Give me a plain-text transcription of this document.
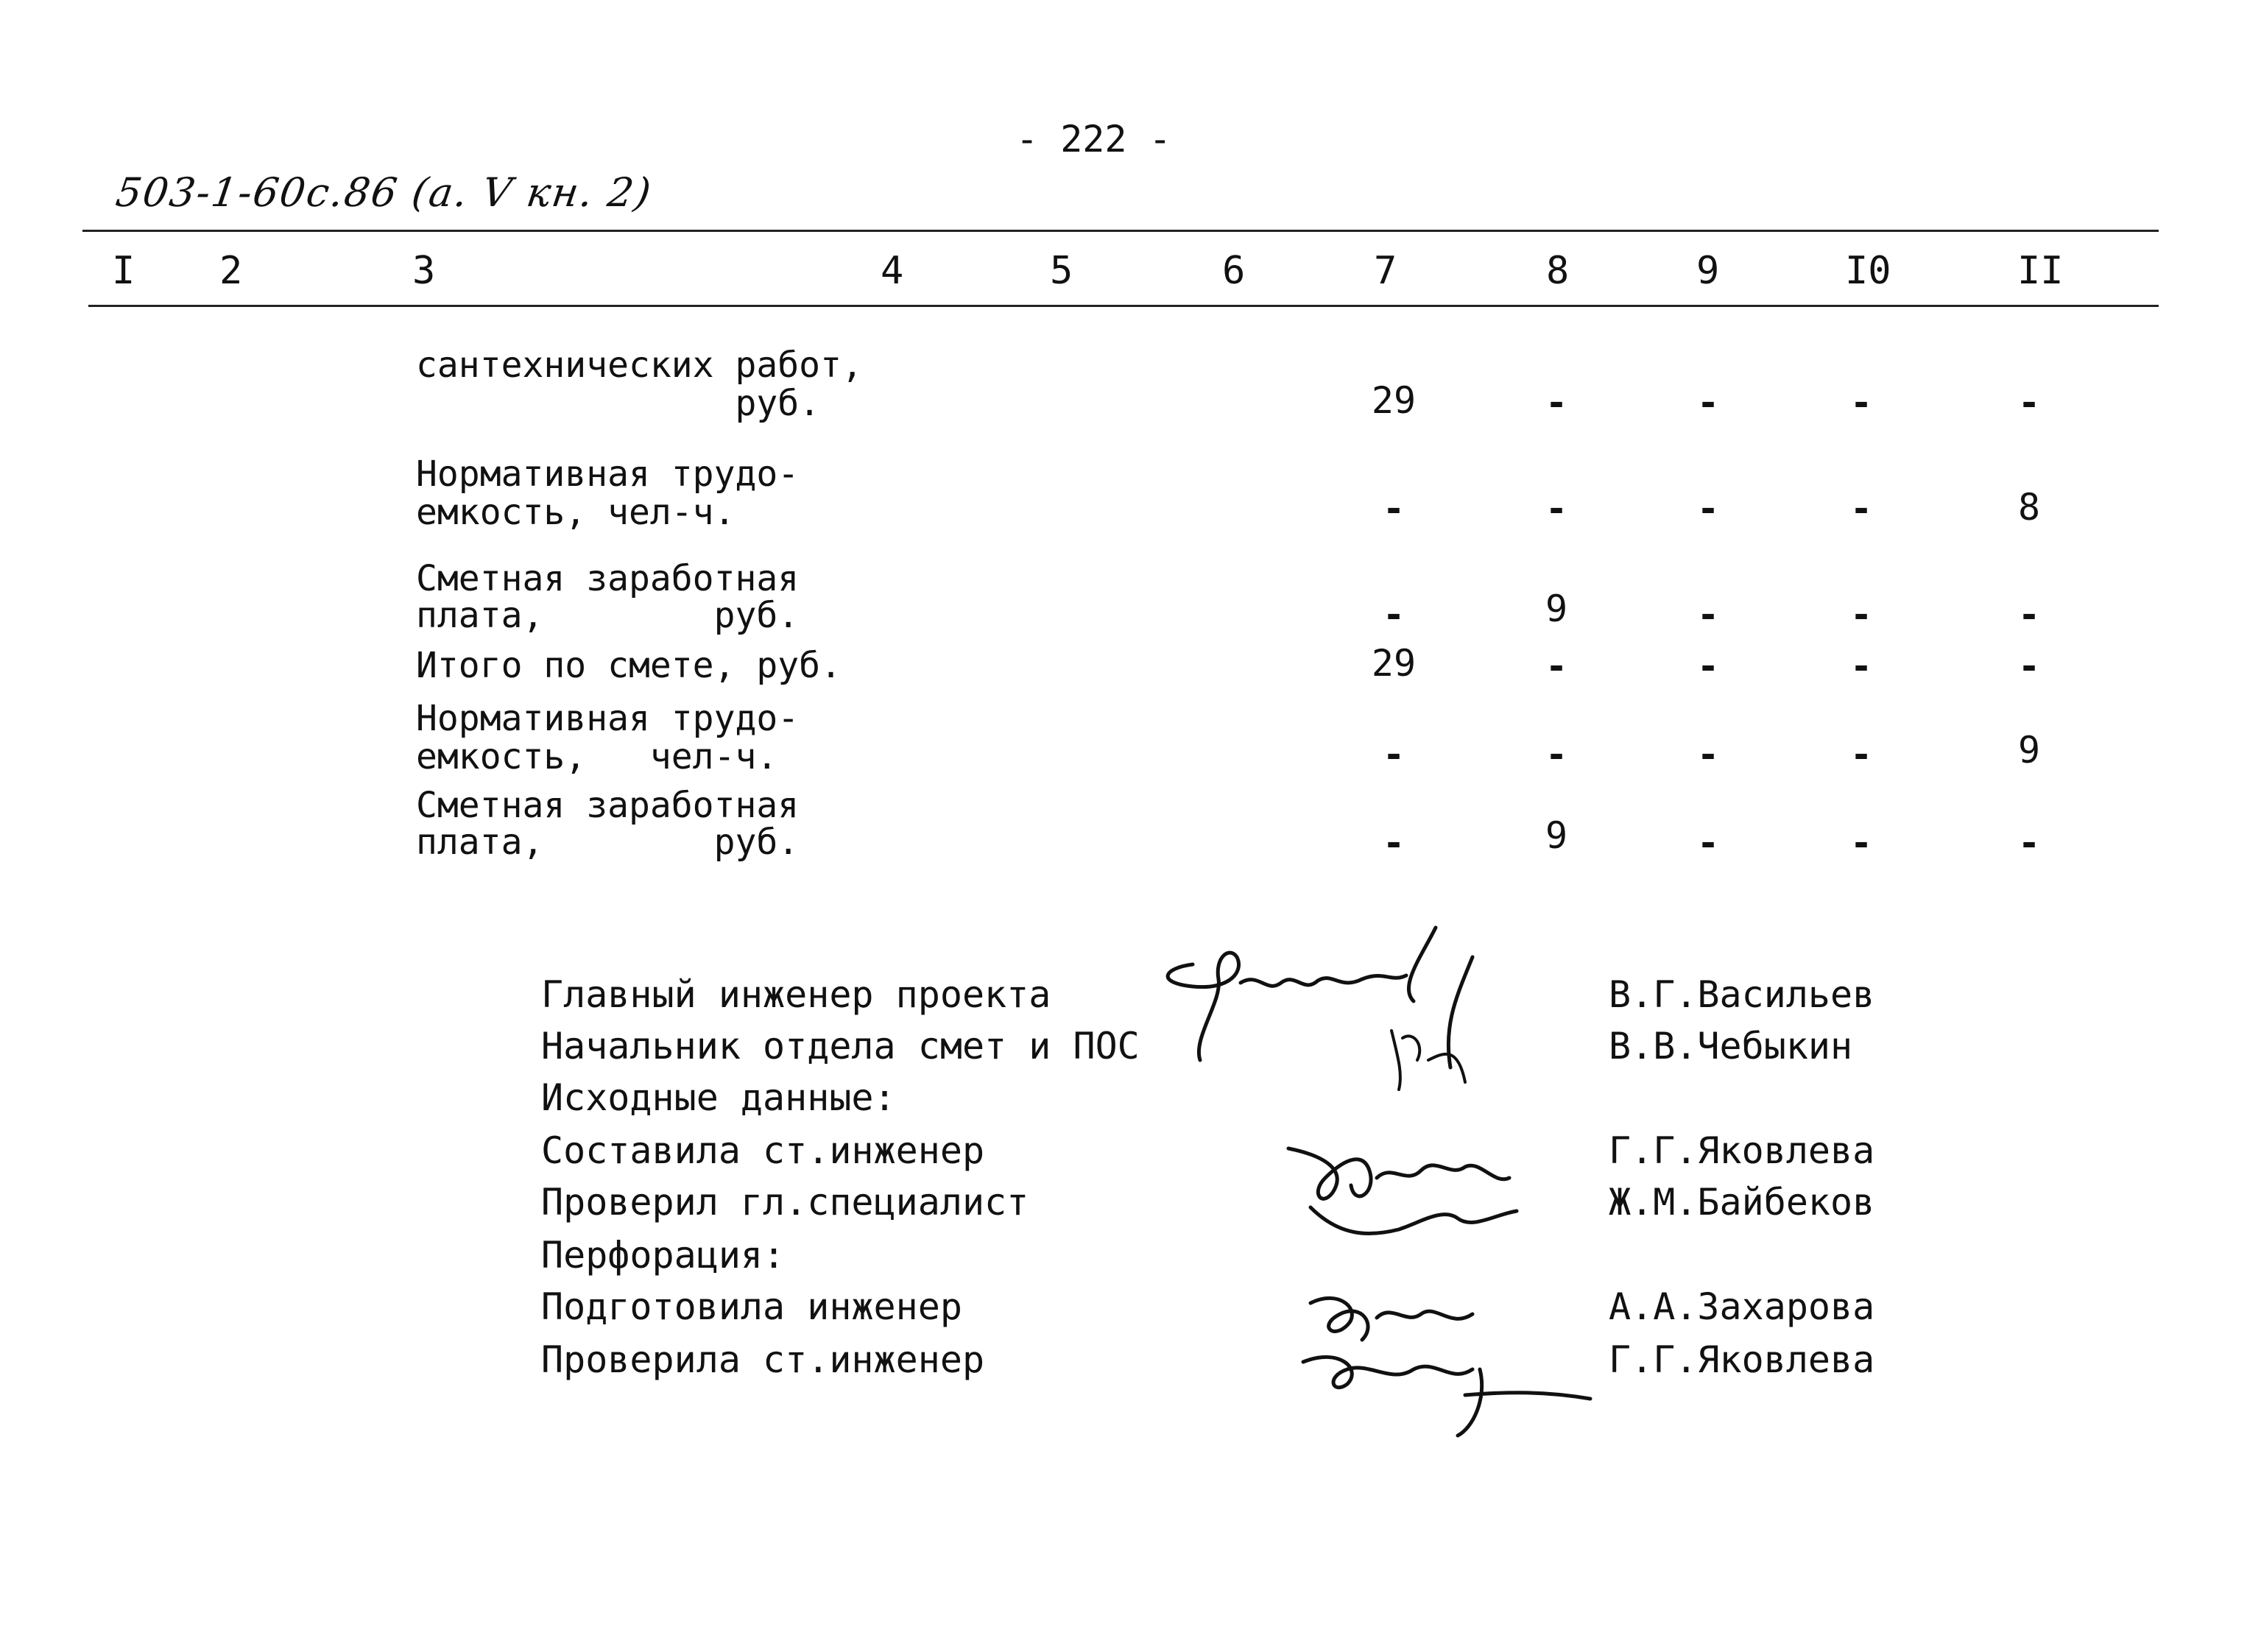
- 222 -
503-1-60с.86 (а. V кн. 2)
I 2	3	4	5	6	7	8	9	I0	II
сантехнических работ,
руб.	29	-	-	-	-
Нормативная трудо-
емкость, чел-ч.	-	-	-	-	8
Сметная заработная
плата,        руб.	-	9	-	-	-
Итого по смете, руб.	29	-	-	-	-
Нормативная трудо-
емкость,   чел-ч.	-	-	-	-	9
Сметная заработная
плата,        руб.	-	9	-	-	-
Главный инженер проекта	В.Г.Васильев
Начальник отдела смет и ПОС	В.В.Чебыкин
Исходные данные:
Составила ст.инженер	Г.Г.Яковлева
Проверил гл.специалист	Ж.М.Байбеков
Перфорация:
Подготовила инженер	А.А.Захарова
Проверила ст.инженер	Г.Г.Яковлева
